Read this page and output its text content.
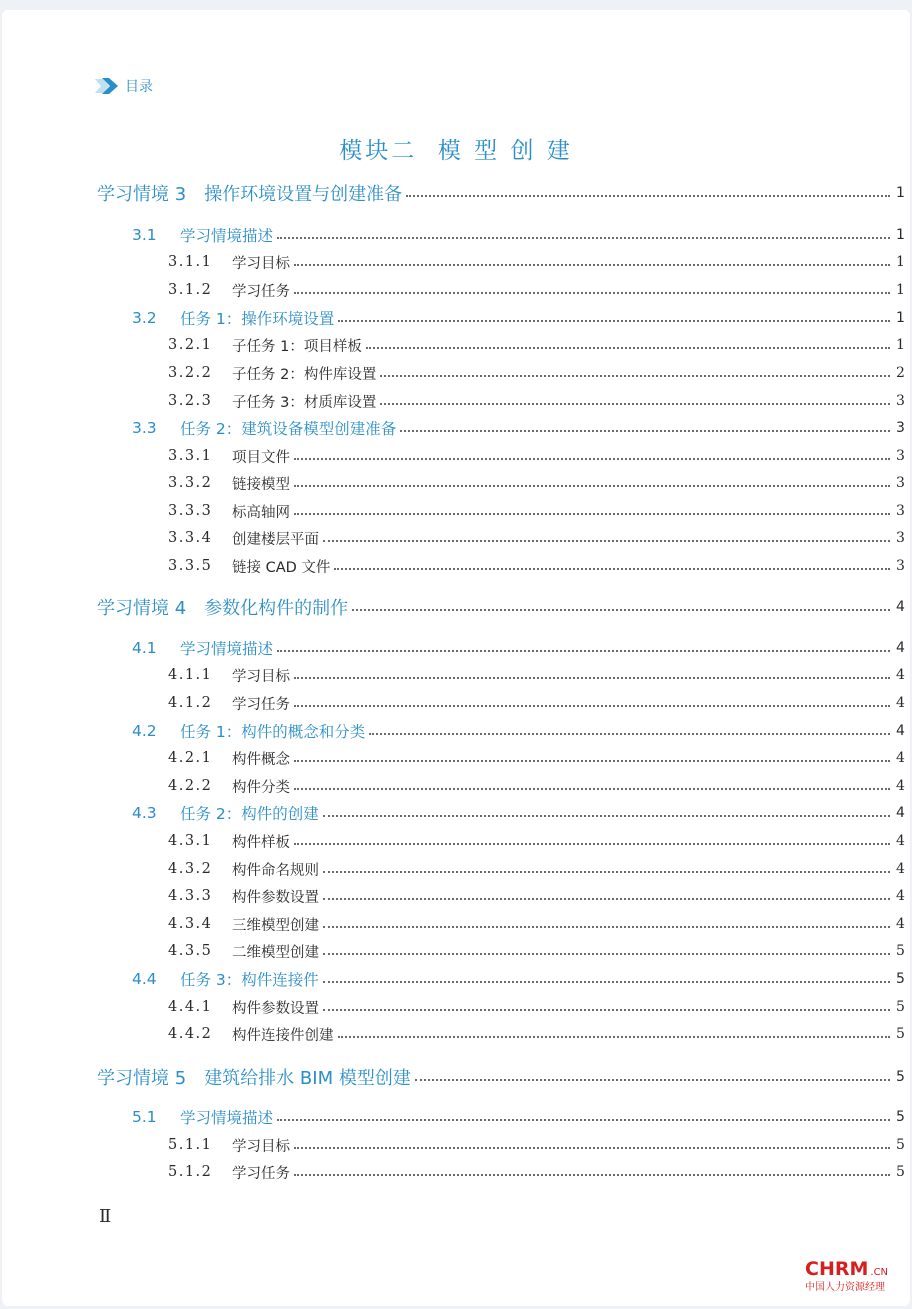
目录
模块二  模 型 创 建
学习情境 3 操作环境设置与创建准备	1
3.1	学习情境描述	1
3.1.1	学习目标	1
3.1.2	学习任务	1
3.2	任务 1：操作环境设置	1
3.2.1	子任务 1：项目样板	1
3.2.2	子任务 2：构件库设置	2
3.2.3	子任务 3：材质库设置	3
3.3	任务 2：建筑设备模型创建准备	3
3.3.1	项目文件	3
3.3.2	链接模型	3
3.3.3	标高轴网	3
3.3.4	创建楼层平面	3
3.3.5	链接 CAD 文件	3
学习情境 4 参数化构件的制作	4
4.1	学习情境描述	4
4.1.1	学习目标	4
4.1.2	学习任务	4
4.2	任务 1：构件的概念和分类	4
4.2.1	构件概念	4
4.2.2	构件分类	4
4.3	任务 2：构件的创建	4
4.3.1	构件样板	4
4.3.2	构件命名规则	4
4.3.3	构件参数设置	4
4.3.4	三维模型创建	4
4.3.5	二维模型创建	5
4.4	任务 3：构件连接件	5
4.4.1	构件参数设置	5
4.4.2	构件连接件创建	5
学习情境 5 建筑给排水 BIM 模型创建	5
5.1	学习情境描述	5
5.1.1	学习目标	5
5.1.2	学习任务	5
Ⅱ
CHRM .CN
中国人力资源经理
